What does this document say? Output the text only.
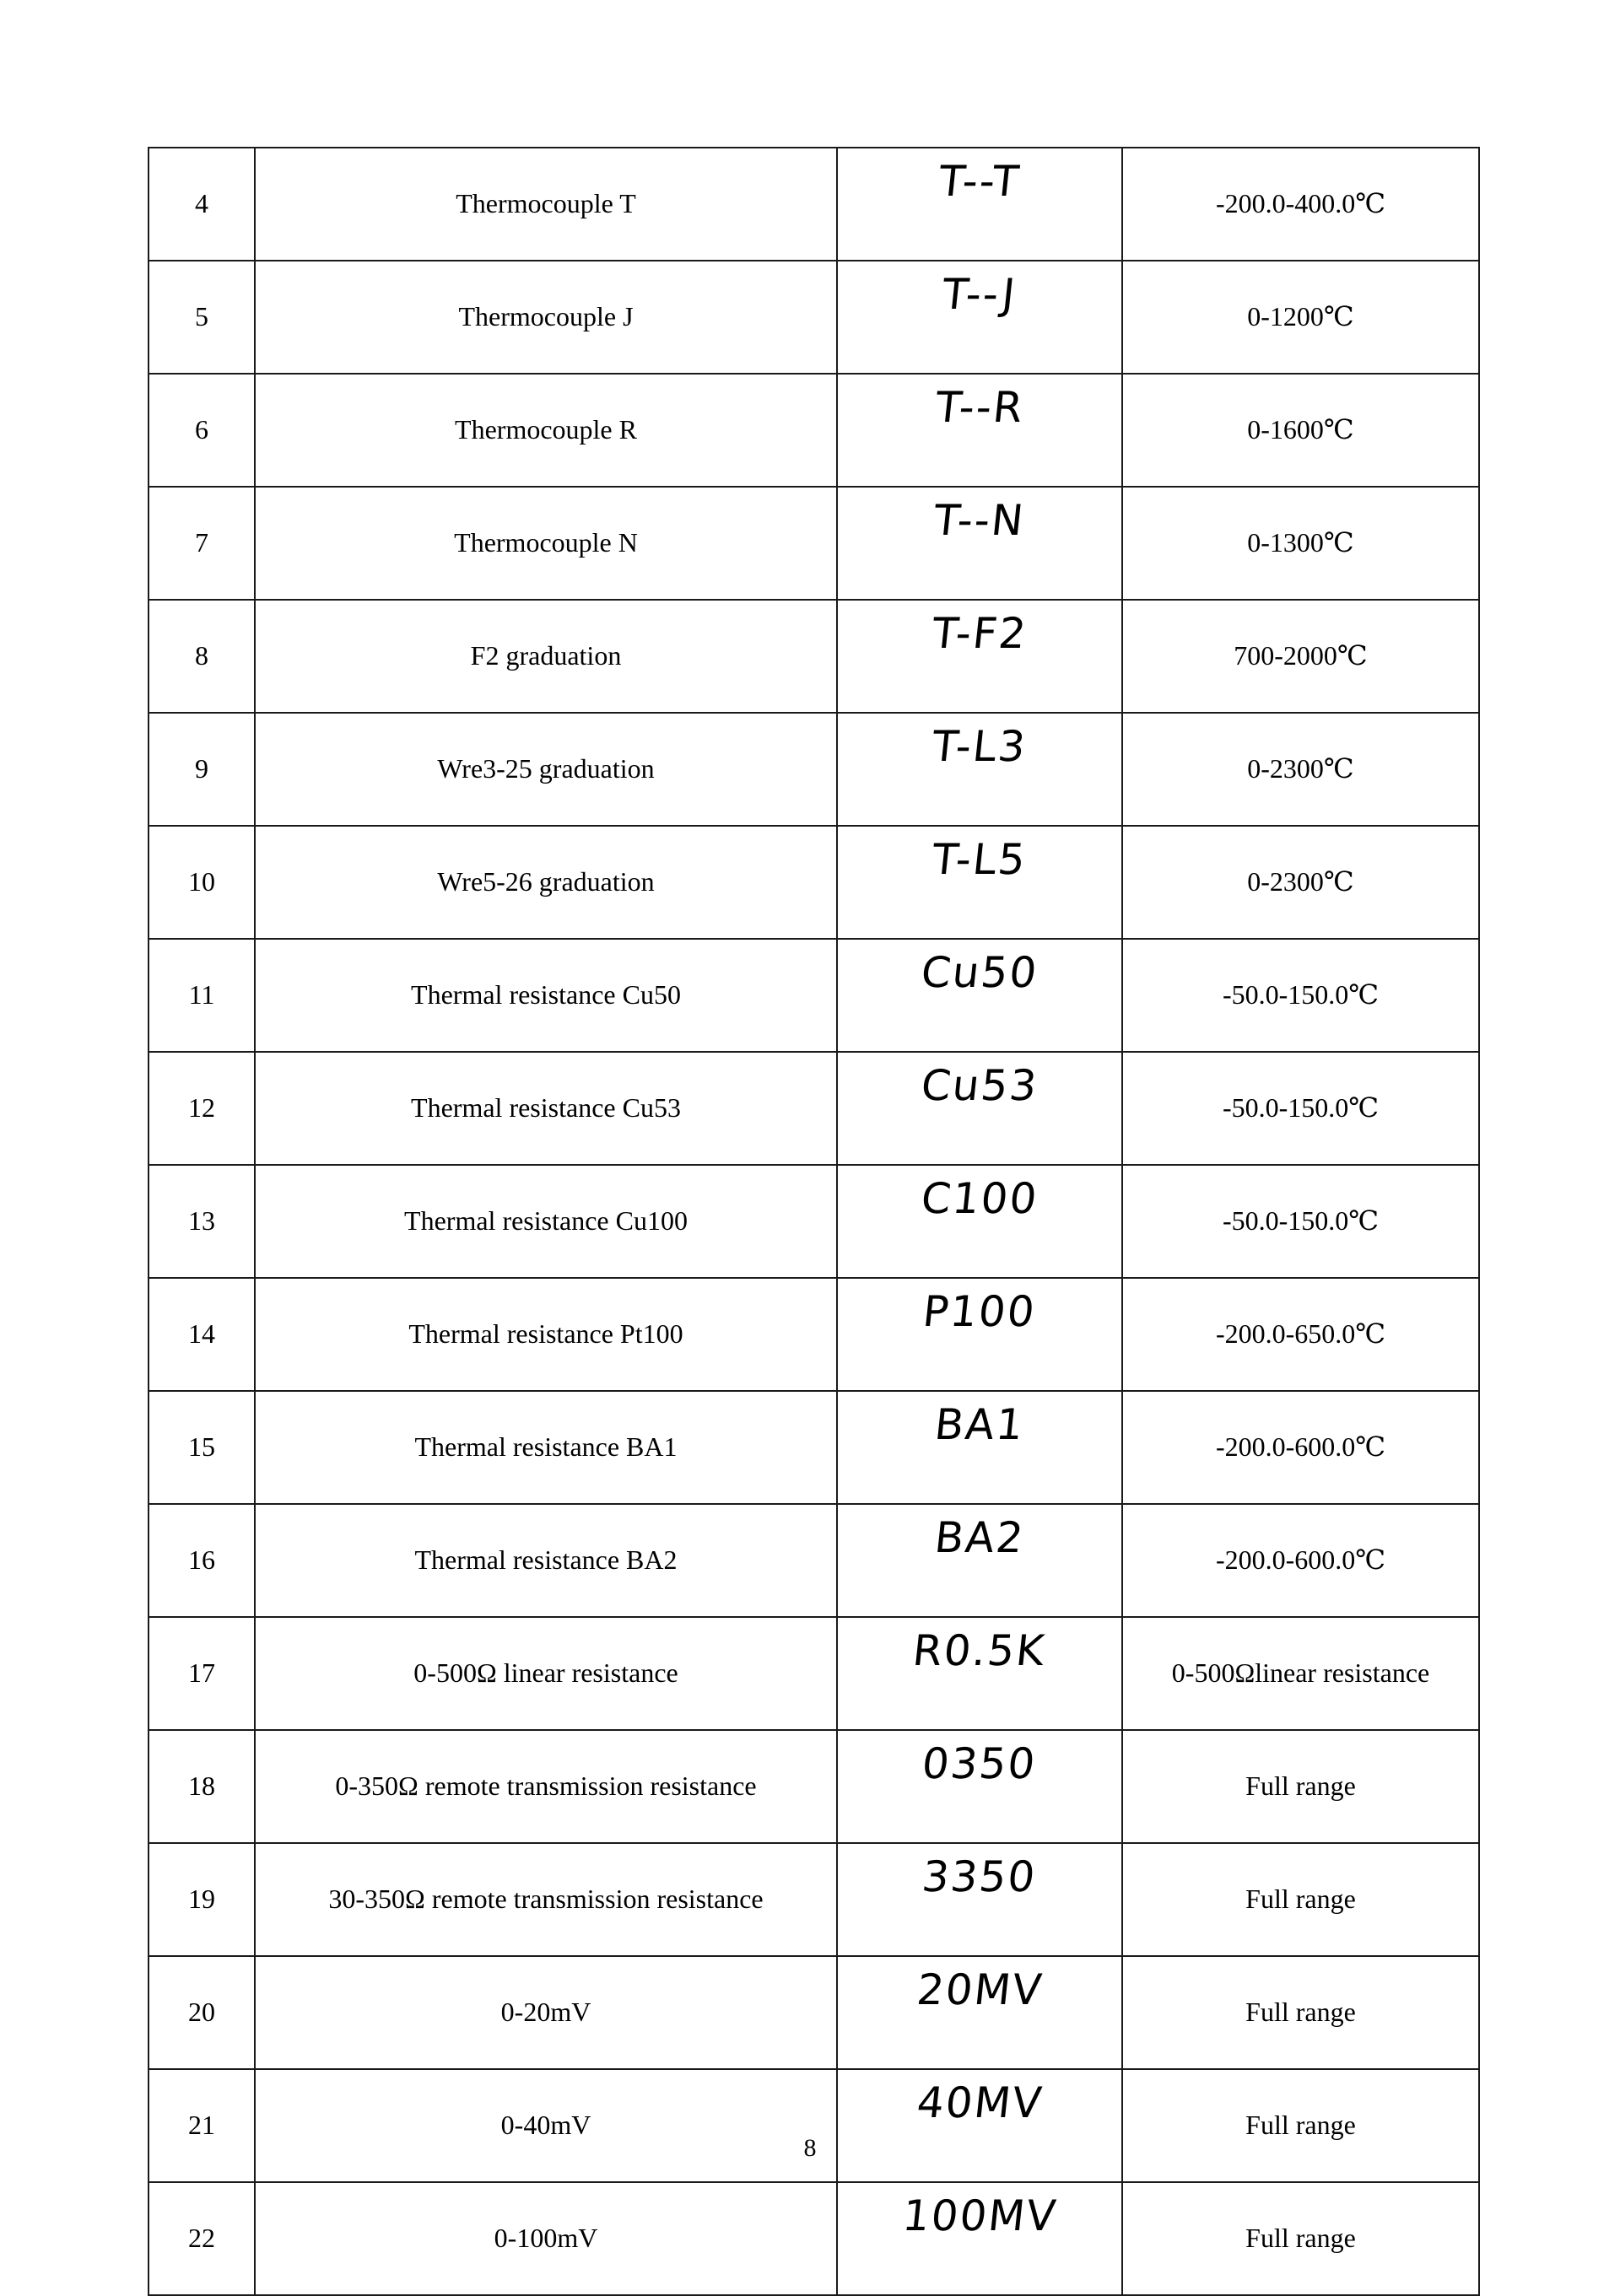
4	Thermocouple T	T--T	-200.0-400.0℃
5	Thermocouple J	T--J	0-1200℃
6	Thermocouple R	T--R	0-1600℃
7	Thermocouple N	T--N	0-1300℃
8	F2 graduation	T-F2	700-2000℃
9	Wre3-25 graduation	T-L3	0-2300℃
10	Wre5-26 graduation	T-L5	0-2300℃
11	Thermal resistance Cu50	Cu50	-50.0-150.0℃
12	Thermal resistance Cu53	Cu53	-50.0-150.0℃
13	Thermal resistance Cu100	C100	-50.0-150.0℃
14	Thermal resistance Pt100	P100	-200.0-650.0℃
15	Thermal resistance BA1	BA1	-200.0-600.0℃
16	Thermal resistance BA2	BA2	-200.0-600.0℃
17	0-500Ω linear resistance	R0.5K	0-500Ωlinear resistance
18	0-350Ω remote transmission resistance	0350	Full range
19	30-350Ω remote transmission resistance	3350	Full range
20	0-20mV	20MV	Full range
21	0-40mV	40MV	Full range
22	0-100mV	100MV	Full range
8
